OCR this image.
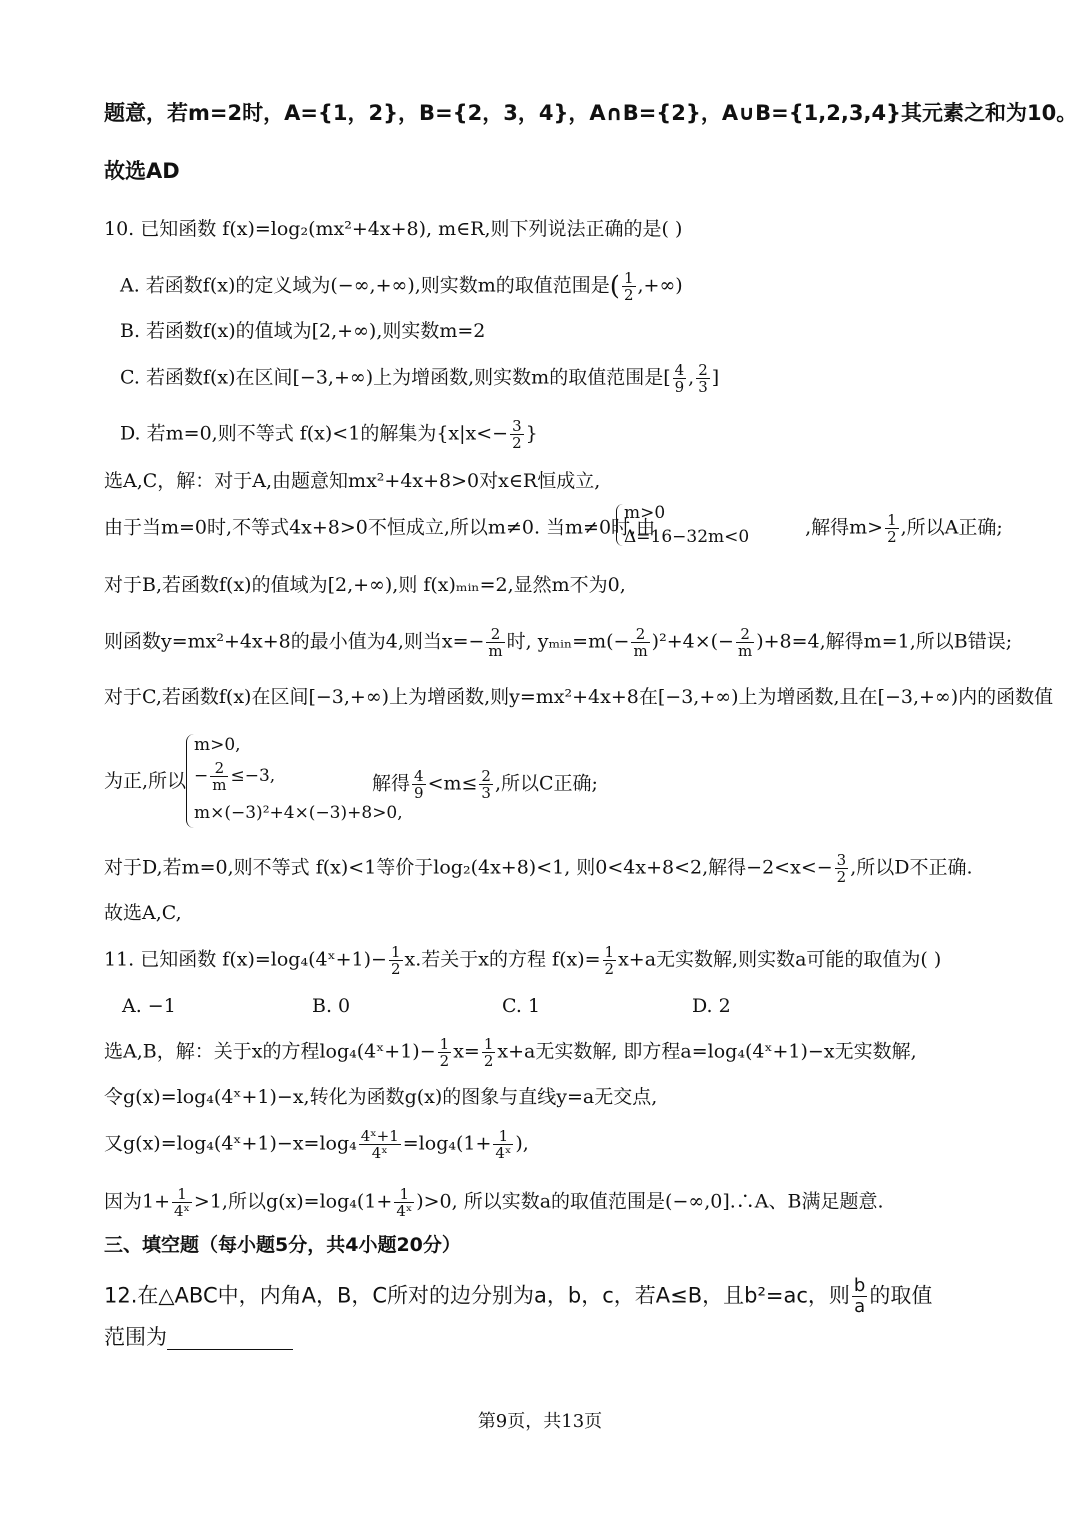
题意，若m=2时，A={1，2}，B={2，3，4}，A∩B={2}，A∪B={1,2,3,4}其元素之和为10。
故选AD
10. 已知函数 f(x)=log₂(mx²+4x+8), m∈R,则下列说法正确的是( )
A. 若函数f(x)的定义域为(−∞,+∞),则实数m的取值范围是( $\frac{1}{2}$ ,+∞)
B. 若函数f(x)的值域为[2,+∞),则实数m=2
C. 若函数f(x)在区间[−3,+∞)上为增函数,则实数m的取值范围是[ $\frac{4}{9}$ , $\frac{2}{3}$ ]
D. 若m=0,则不等式 f(x)<1的解集为{$x|x<- \frac{3}{2}$ }
选A,C，解：对于A,由题意知mx²+4x+8>0对x∈R恒成立,
由于当m=0时,不等式4x+8>0不恒成立,所以m≠0. 当m≠0时,由	,解得$m> \frac{1}{2}$ ,所以A正确;
m>0
Δ=16−32m<0
对于B,若函数f(x)的值域为[2,+∞),则 f(x)ₘᵢₙ=2,显然m不为0,
则函数y=mx²+4x+8的最小值为4,则当$x=- \frac{2}{m}$ 时, yₘᵢₙ=m(− $\frac{2}{m} )^2+4\times(- \frac{2}{m} )+8=4$,解得m=1,所以B错误;
对于C,若函数f(x)在区间[−3,+∞)上为增函数,则y=mx²+4x+8在[−3,+∞)上为增函数,且在[−3,+∞)内的函数值
为正,所以
m>0,
− $\frac{2}{m} \le-3$,
m×(−3)²+4×(−3)+8>0,
解得 $\frac{4}{9} <m\le \frac{2}{3}$ ,所以C正确;
对于D,若m=0,则不等式 f(x)<1等价于log₂(4x+8)<1, 则0<4x+8<2,解得$-2<x<- \frac{3}{2}$ ,所以D不正确.
故选A,C,
11. 已知函数 f(x)=log₄(4ˣ+1)− $\frac{1}{2} x$.若关于x的方程 $f(x)= \frac{1}{2} x+a$无实数解,则实数a可能的取值为( )
A. −1	B. 0	C. 1	D. 2
选A,B，解：关于x的方程log₄(4ˣ+1)− $\frac{1}{2} x= \frac{1}{2} x+a$无实数解, 即方程a=log₄(4ˣ+1)−x无实数解,
令g(x)=log₄(4ˣ+1)−x,转化为函数g(x)的图象与直线y=a无交点,
又g(x)=log₄(4ˣ+1)−x=log₄ $\frac{\text{4ˣ+1}}{\text{4ˣ}} =\log_4(1+ \frac{1}{\text{4ˣ}}$ ),
因为$1+ \frac{1}{\text{4ˣ}} >1$,所以$g(x)=\log_4(1+ \frac{1}{\text{4ˣ}} )>0$, 所以实数a的取值范围是(−∞,0].∴A、B满足题意.
三、填空题（每小题5分，共4小题20分）
12.在△ABC中，内角A，B，C所对的边分别为a，b，c，若A≤B，且b²=ac，则 $\frac{b}{a}$ 的取值
范围为
第9页，共13页
